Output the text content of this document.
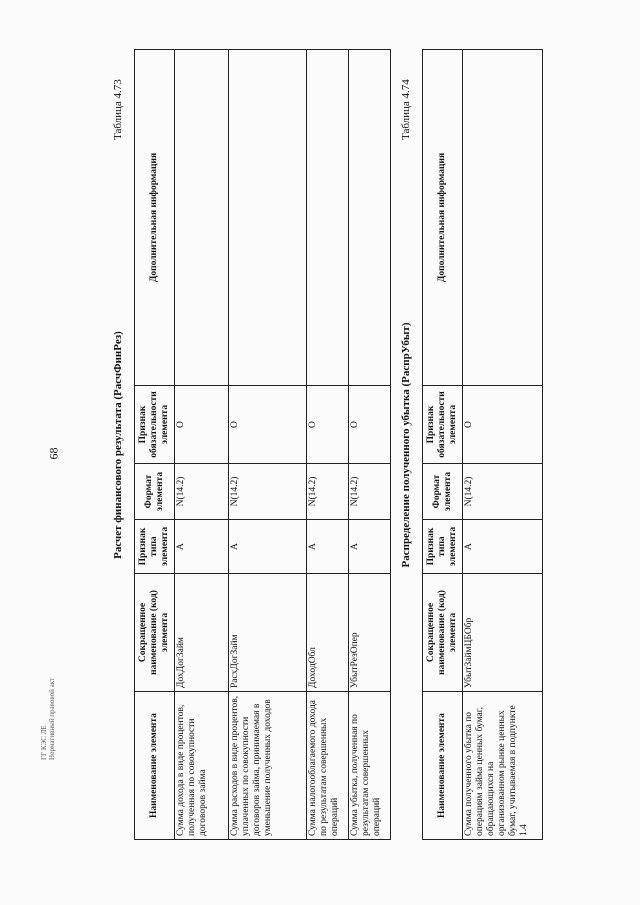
68
Таблица 4.73
Расчет финансового результата (РасчФинРез)
Наименование элемента	Сокращенное наименование (код) элемента	Признак типа элемента	Формат элемента	Признак обязательности элемента	Дополнительная информация
Сумма дохода в виде процентов, полученная по совокупности договоров займа	ДохДогЗайм	А	N(14.2)	О	
Сумма расходов в виде процентов, уплаченных по совокупности договоров займа, принимаемая в уменьшение полученных доходов	РасхДогЗайм	А	N(14.2)	О	
Сумма налогооблагаемого дохода по результатам совершенных операций	ДоходОбл	А	N(14.2)	О	
Сумма убытка, полученная по результатам совершенных операций	УбытРезОпер	А	N(14.2)	О	
Таблица 4.74
Распределение полученного убытка (РаспрУбыт)
Наименование элемента	Сокращенное наименование (код) элемента	Признак типа элемента	Формат элемента	Признак обязательности элемента	Дополнительная информация
Сумма полученного убытка по операциям займа ценных бумаг, обращающихся на организованном рынке ценных бумаг, учитываемая в подпункте 1.4	УбытЗаймЦБОбр	А	N(14.2)	О	
ГГ КЭС ЛЕ Нормативный правовой акт
